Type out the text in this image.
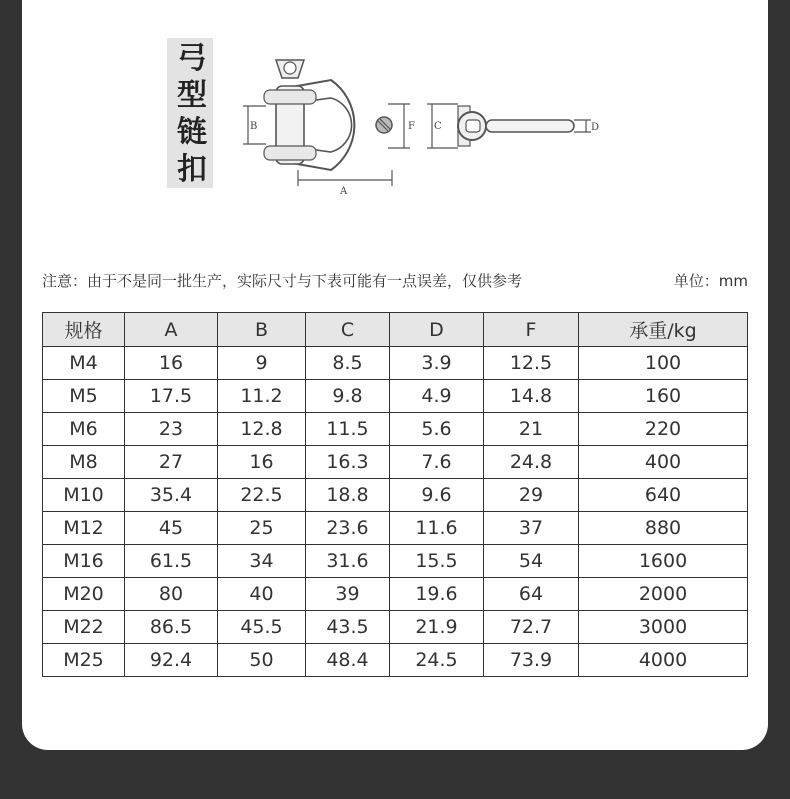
弓
型
链
扣
B	F
A
C	D
注意：由于不是同一批生产，实际尺寸与下表可能有一点误差，仅供参考	单位：mm
规格	A	B	C	D	F	承重/kg
M4	16	9	8.5	3.9	12.5	100
M5	17.5	11.2	9.8	4.9	14.8	160
M6	23	12.8	11.5	5.6	21	220
M8	27	16	16.3	7.6	24.8	400
M10	35.4	22.5	18.8	9.6	29	640
M12	45	25	23.6	11.6	37	880
M16	61.5	34	31.6	15.5	54	1600
M20	80	40	39	19.6	64	2000
M22	86.5	45.5	43.5	21.9	72.7	3000
M25	92.4	50	48.4	24.5	73.9	4000
